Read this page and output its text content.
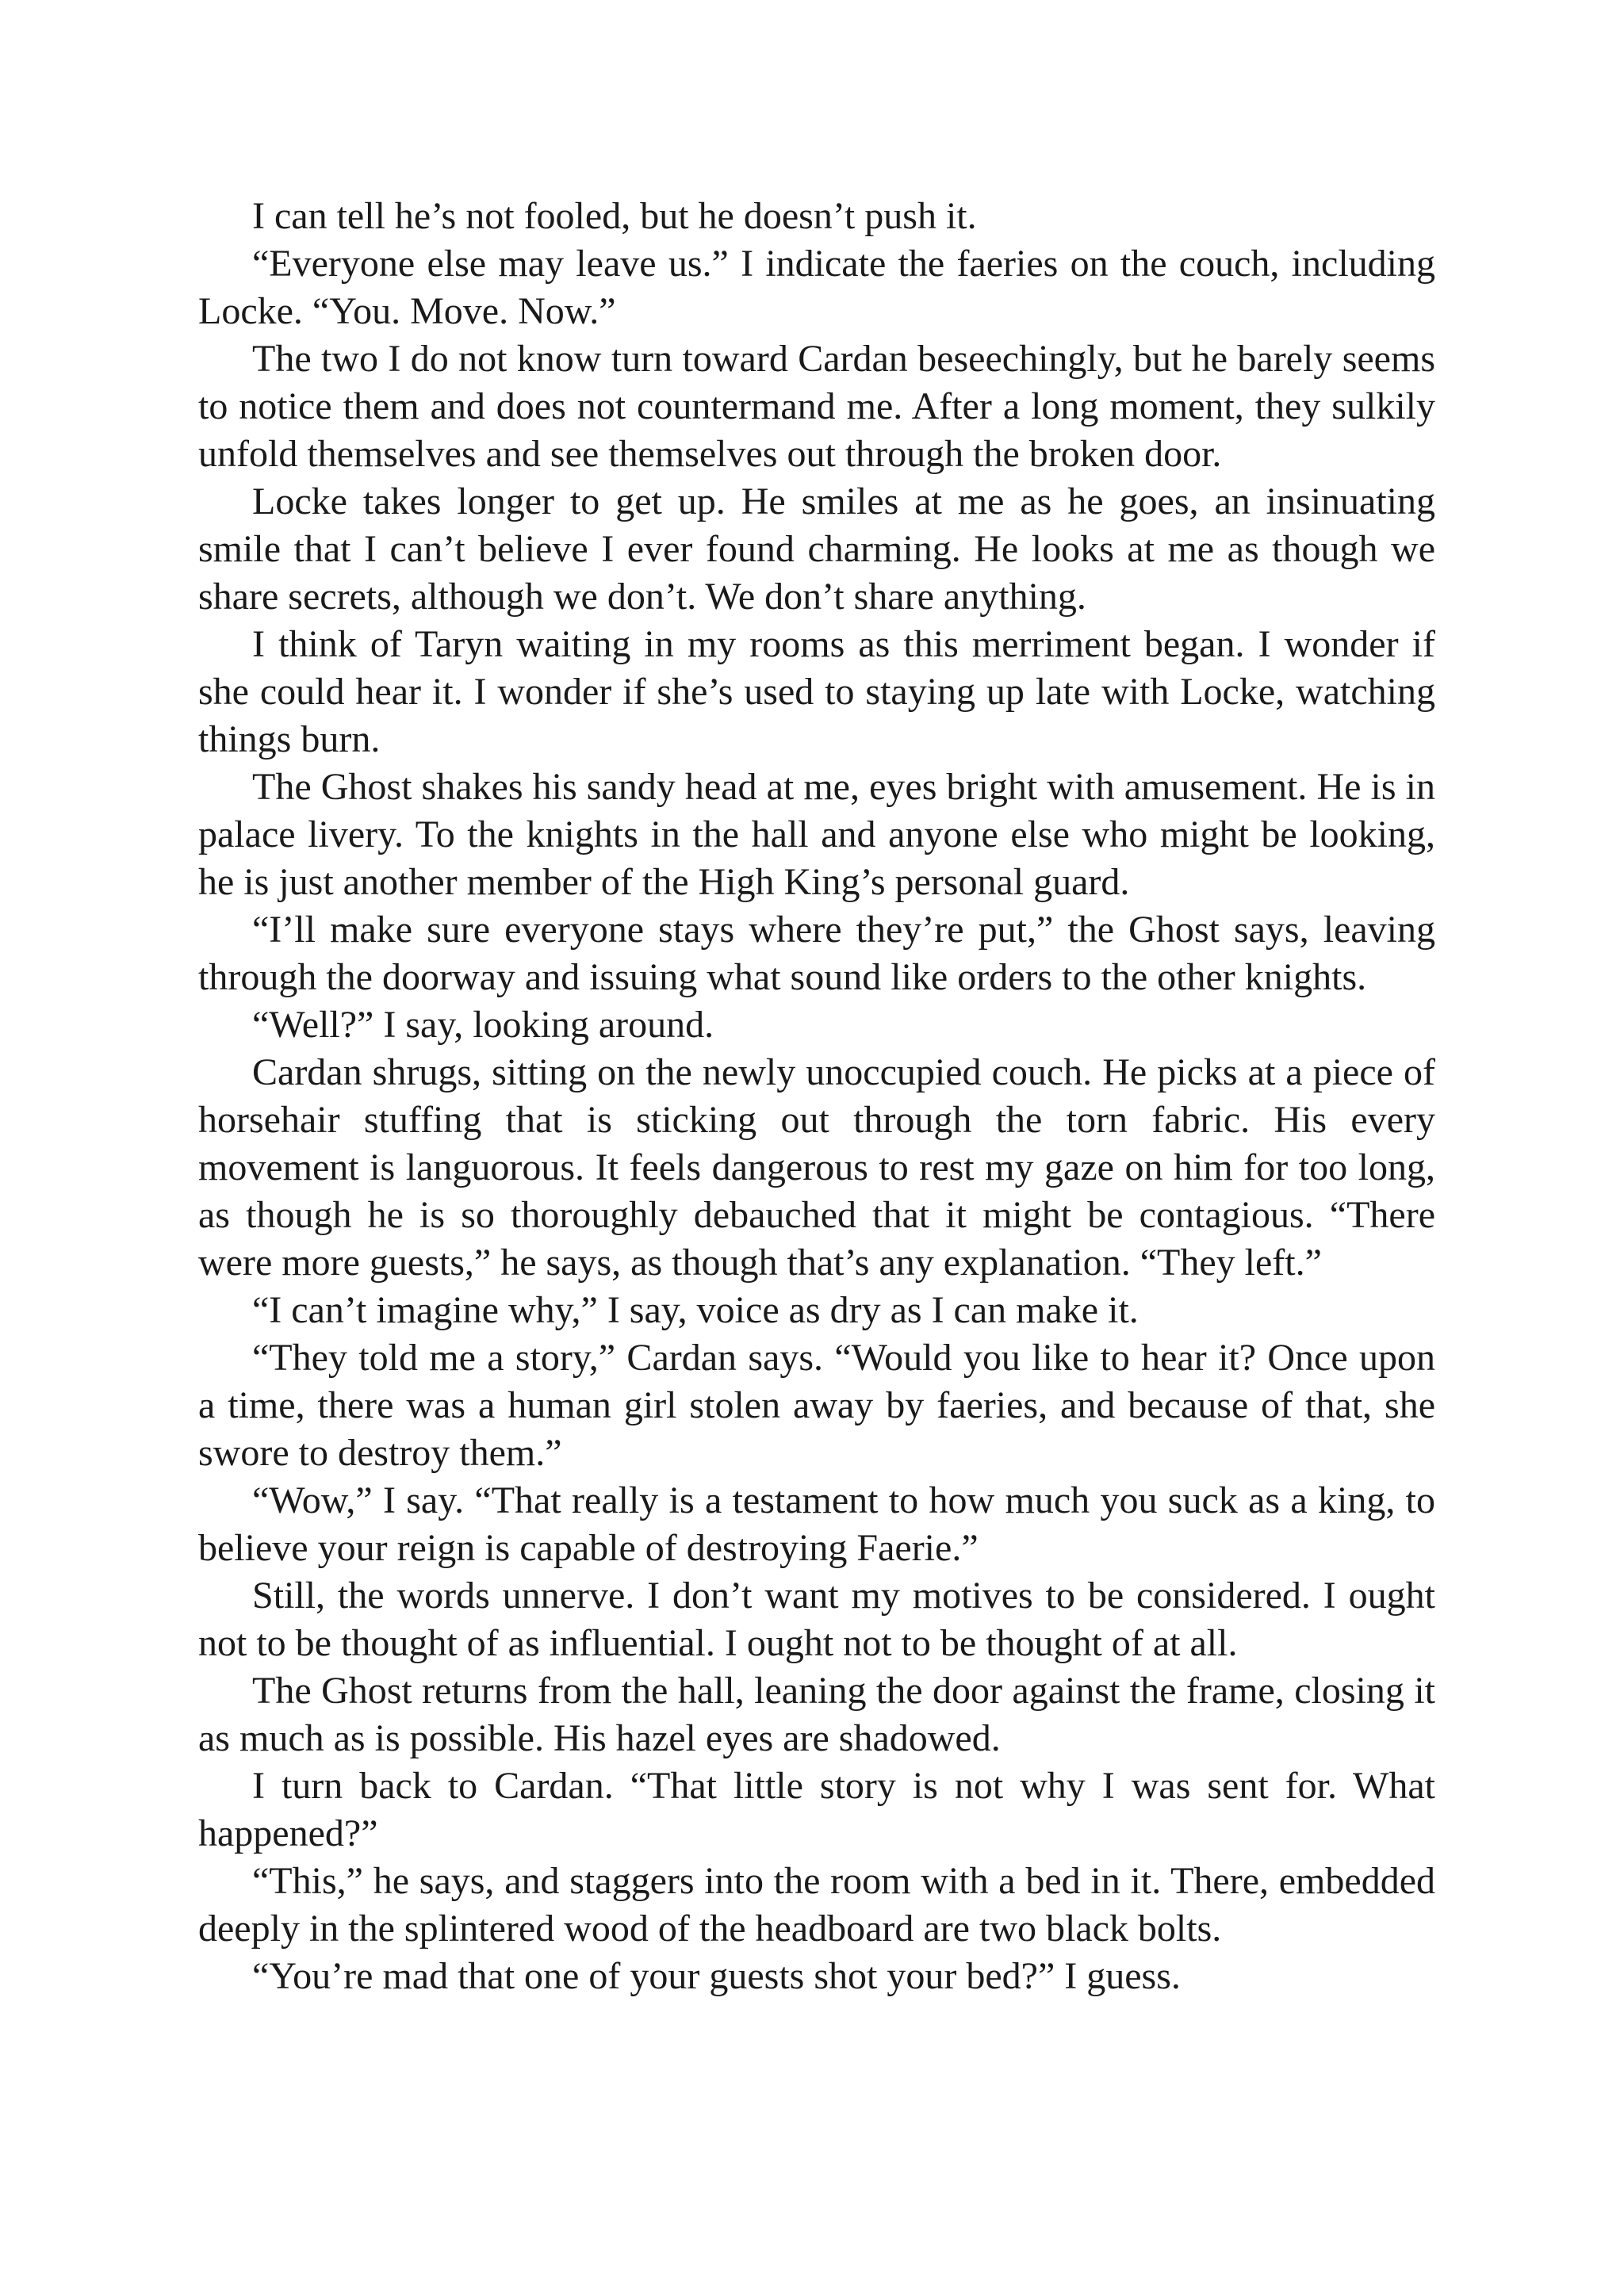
I can tell he’s not fooled, but he doesn’t push it.

“Everyone else may leave us.” I indicate the faeries on the couch, including Locke. “You. Move. Now.”

The two I do not know turn toward Cardan beseechingly, but he barely seems to notice them and does not countermand me. After a long moment, they sulkily unfold themselves and see themselves out through the broken door.

Locke takes longer to get up. He smiles at me as he goes, an insinuating smile that I can’t believe I ever found charming. He looks at me as though we share secrets, although we don’t. We don’t share anything.

I think of Taryn waiting in my rooms as this merriment began. I wonder if she could hear it. I wonder if she’s used to staying up late with Locke, watching things burn.

The Ghost shakes his sandy head at me, eyes bright with amusement. He is in palace livery. To the knights in the hall and anyone else who might be looking, he is just another member of the High King’s personal guard.

“I’ll make sure everyone stays where they’re put,” the Ghost says, leaving through the doorway and issuing what sound like orders to the other knights.

“Well?” I say, looking around.

Cardan shrugs, sitting on the newly unoccupied couch. He picks at a piece of horsehair stuffing that is sticking out through the torn fabric. His every movement is languorous. It feels dangerous to rest my gaze on him for too long, as though he is so thoroughly debauched that it might be contagious. “There were more guests,” he says, as though that’s any explanation. “They left.”

“I can’t imagine why,” I say, voice as dry as I can make it.

“They told me a story,” Cardan says. “Would you like to hear it? Once upon a time, there was a human girl stolen away by faeries, and because of that, she swore to destroy them.”

“Wow,” I say. “That really is a testament to how much you suck as a king, to believe your reign is capable of destroying Faerie.”

Still, the words unnerve. I don’t want my motives to be considered. I ought not to be thought of as influential. I ought not to be thought of at all.

The Ghost returns from the hall, leaning the door against the frame, closing it as much as is possible. His hazel eyes are shadowed.

I turn back to Cardan. “That little story is not why I was sent for. What happened?”

“This,” he says, and staggers into the room with a bed in it. There, embedded deeply in the splintered wood of the headboard are two black bolts.

“You’re mad that one of your guests shot your bed?” I guess.
